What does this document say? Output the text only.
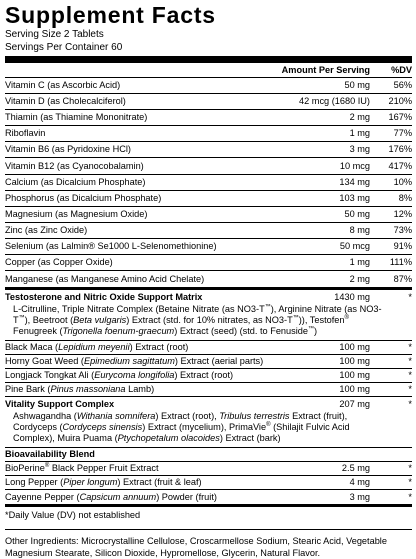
Supplement Facts
Serving Size 2 Tablets
Servings Per Container 60
Amount Per Serving	%DV
Vitamin C (as Ascorbic Acid)	50 mg	56%
Vitamin D (as Cholecalciferol)	42 mcg (1680 IU)	210%
Thiamin (as Thiamine Mononitrate)	2 mg	167%
Riboflavin	1 mg	77%
Vitamin B6 (as Pyridoxine HCl)	3 mg	176%
Vitamin B12 (as Cyanocobalamin)	10 mcg	417%
Calcium (as Dicalcium Phosphate)	134 mg	10%
Phosphorus (as Dicalcium Phosphate)	103 mg	8%
Magnesium (as Magnesium Oxide)	50 mg	12%
Zinc (as Zinc Oxide)	8 mg	73%
Selenium (as Lalmin® Se1000 L-Selenomethionine)	50 mcg	91%
Copper (as Copper Oxide)	1 mg	111%
Manganese (as Manganese Amino Acid Chelate)	2 mg	87%
Testosterone and Nitric Oxide Support Matrix	1430 mg	*
L-Citrulline, Triple Nitrate Complex (Betaine Nitrate (as NO3-T™), Arginine Nitrate (as NO3-T™), Beetroot (Beta vulgaris) Extract (std. for 10% nitrates, as NO3-T™)), Testofen® Fenugreek (Trigonella foenum-graecum) Extract (seed) (std. to Fenuside™)
Black Maca (Lepidium meyenii) Extract (root)	100 mg	*
Horny Goat Weed (Epimedium sagittatum) Extract (aerial parts)	100 mg	*
Longjack Tongkat Ali (Eurycoma longifolia) Extract (root)	100 mg	*
Pine Bark (Pinus massoniana Lamb)	100 mg	*
Vitality Support Complex	207 mg	*
Ashwagandha (Withania somnifera) Extract (root), Tribulus terrestris Extract (fruit), Cordyceps (Cordyceps sinensis) Extract (mycelium), PrimaVie® (Shilajit Fulvic Acid Complex), Muira Puama (Ptychopetalum olacoides) Extract (bark)
Bioavailability Blend
BioPerine® Black Pepper Fruit Extract	2.5 mg	*
Long Pepper (Piper longum) Extract (fruit & leaf)	4 mg	*
Cayenne Pepper (Capsicum annuum) Powder (fruit)	3 mg	*
*Daily Value (DV) not established
Other Ingredients: Microcrystalline Cellulose, Croscarmellose Sodium, Stearic Acid, Vegetable Magnesium Stearate, Silicon Dioxide, Hypromellose, Glycerin, Natural Flavor.
